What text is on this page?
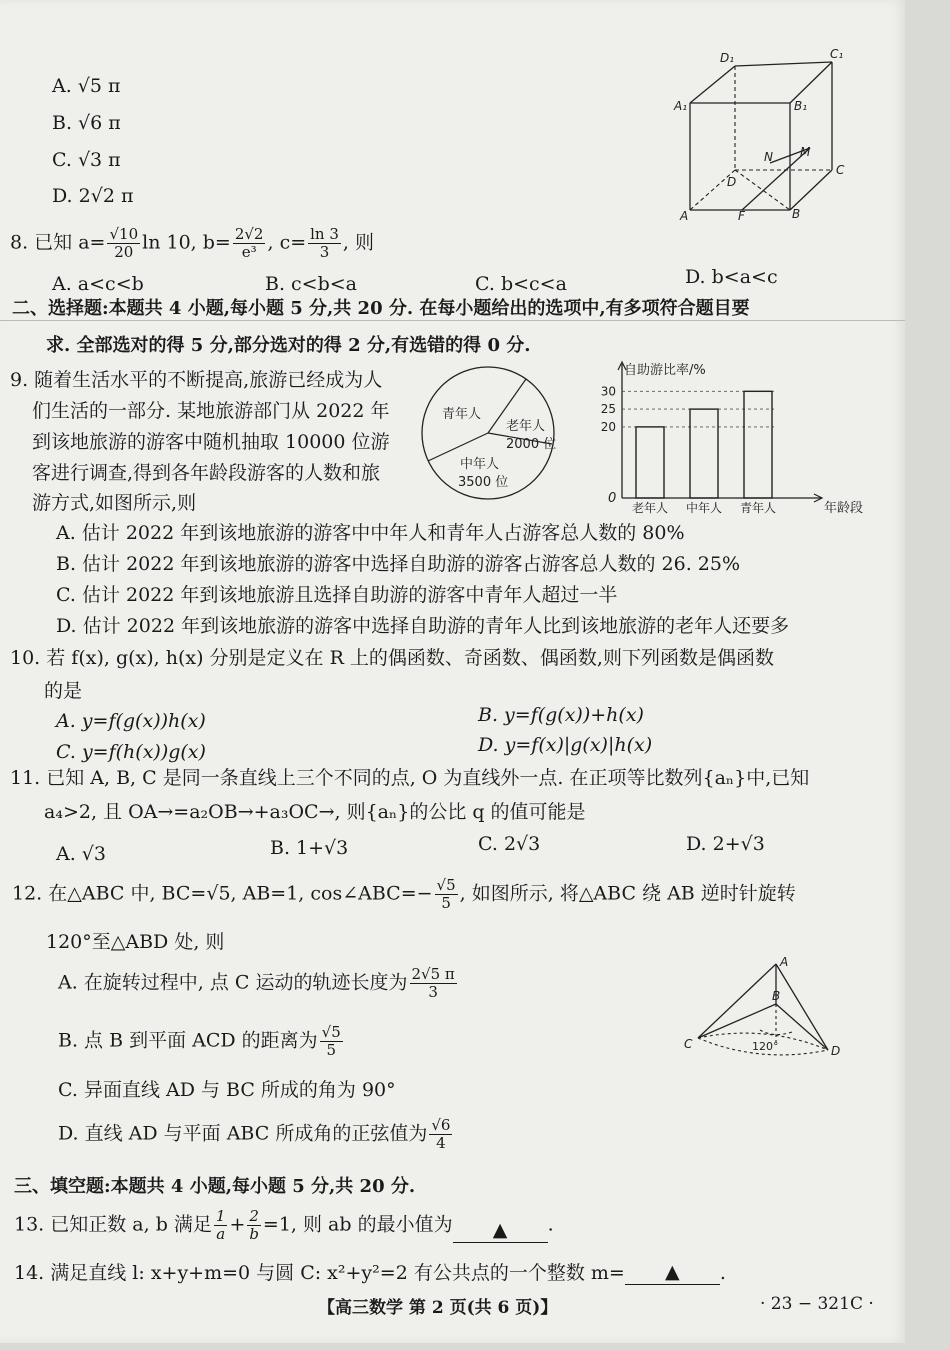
A. √5 π
B. √6 π
C. √3 π
D. 2√2 π
D₁	C₁
A₁	B₁
D
C
A	B
F
N M
8. 已知 $a= \frac{√10}{20}$ ln 10, $b= \frac{2√2}{\text{e³}}$ , $c= \frac{\ln 3}{3}$ , 则
A. a<c<b	B. c<b<a	C. b<c<a	D. b<a<c
二、选择题:本题共 4 小题,每小题 5 分,共 20 分. 在每小题给出的选项中,有多项符合题目要
求. 全部选对的得 5 分,部分选对的得 2 分,有选错的得 0 分.
9. 随着生活水平的不断提高,旅游已经成为人
们生活的一部分. 某地旅游部门从 2022 年
到该地旅游的游客中随机抽取 10000 位游
客进行调查,得到各年龄段游客的人数和旅
游方式,如图所示,则
青年人
老年人
2000 位
中年人
3500 位
自助游比率/%
年龄段
0
20
25
30
老年人 中年人 青年人
A. 估计 2022 年到该地旅游的游客中中年人和青年人占游客总人数的 80%
B. 估计 2022 年到该地旅游的游客中选择自助游的游客占游客总人数的 26. 25%
C. 估计 2022 年到该地旅游且选择自助游的游客中青年人超过一半
D. 估计 2022 年到该地旅游的游客中选择自助游的青年人比到该地旅游的老年人还要多
10. 若 f(x), g(x), h(x) 分别是定义在 R 上的偶函数、奇函数、偶函数,则下列函数是偶函数
的是
A. y=f(g(x))h(x)	B. y=f(g(x))+h(x)
C. y=f(h(x))g(x)	D. y=f(x)|g(x)|h(x)
11. 已知 A, B, C 是同一条直线上三个不同的点, O 为直线外一点. 在正项等比数列{aₙ}中,已知
a₄>2, 且 OA→=a₂OB→+a₃OC→, 则{aₙ}的公比 q 的值可能是
A. √3	B. 1+√3	C. 2√3	D. 2+√3
12. 在△ABC 中, BC=√5, AB=1, cos∠ABC=− $\frac{√5}{5}$ , 如图所示, 将△ABC 绕 AB 逆时针旋转
120°至△ABD 处, 则
A. 在旋转过程中, 点 C 运动的轨迹长度为 $\frac{2√5 \pi}{3}$
B. 点 B 到平面 ACD 的距离为 $\frac{√5}{5}$
C. 异面直线 AD 与 BC 所成的角为 90°
D. 直线 AD 与平面 ABC 所成角的正弦值为 $\frac{√6}{4}$
A
B
C	D
120°
三、填空题:本题共 4 小题,每小题 5 分,共 20 分.
13. 已知正数 a, b 满足 $\frac{1}{a} + \frac{2}{b} =1$, 则 ab 的最小值为 ▲ .
14. 满足直线 l: x+y+m=0 与圆 C: x²+y²=2 有公共点的一个整数 m= ▲ .
【高三数学 第 2 页(共 6 页)】	· 23 − 321C ·
